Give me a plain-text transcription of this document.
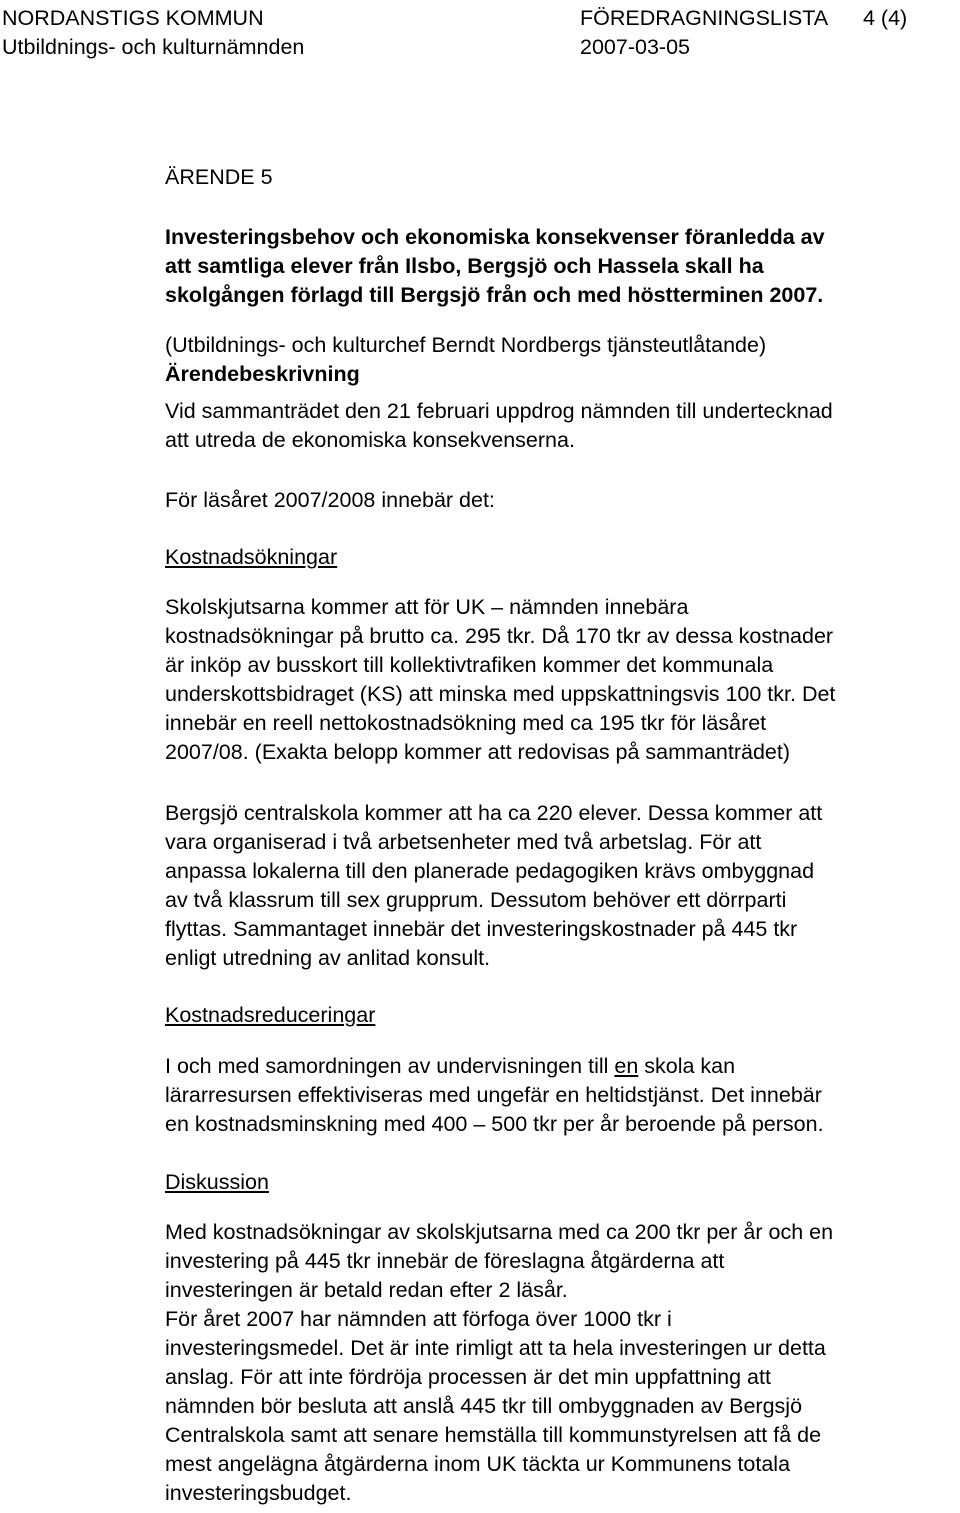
NORDANSTIGS KOMMUN	FÖREDRAGNINGSLISTA 4 (4)
Utbildnings- och kulturnämnden	2007-03-05
ÄRENDE 5
Investeringsbehov och ekonomiska konsekvenser föranledda av
att samtliga elever från Ilsbo, Bergsjö och Hassela skall ha
skolgången förlagd till Bergsjö från och med höstterminen 2007.
(Utbildnings- och kulturchef Berndt Nordbergs tjänsteutlåtande)
Ärendebeskrivning
Vid sammanträdet den 21 februari uppdrog nämnden till undertecknad
att utreda de ekonomiska konsekvenserna.
För läsåret 2007/2008 innebär det:
Kostnadsökningar
Skolskjutsarna kommer att för UK – nämnden innebära
kostnadsökningar på brutto ca. 295 tkr. Då 170 tkr av dessa kostnader
är inköp av busskort till kollektivtrafiken kommer det kommunala
underskottsbidraget (KS) att minska med uppskattningsvis 100 tkr. Det
innebär en reell nettokostnadsökning med ca 195 tkr för läsåret
2007/08. (Exakta belopp kommer att redovisas på sammanträdet)
Bergsjö centralskola kommer att ha ca 220 elever. Dessa kommer att
vara organiserad i två arbetsenheter med två arbetslag. För att
anpassa lokalerna till den planerade pedagogiken krävs ombyggnad
av två klassrum till sex grupprum. Dessutom behöver ett dörrparti
flyttas. Sammantaget innebär det investeringskostnader på 445 tkr
enligt utredning av anlitad konsult.
Kostnadsreduceringar
I och med samordningen av undervisningen till en skola kan
lärarresursen effektiviseras med ungefär en heltidstjänst. Det innebär
en kostnadsminskning med 400 – 500 tkr per år beroende på person.
Diskussion
Med kostnadsökningar av skolskjutsarna med ca 200 tkr per år och en
investering på 445 tkr innebär de föreslagna åtgärderna att
investeringen är betald redan efter 2 läsår.
För året 2007 har nämnden att förfoga över 1000 tkr i
investeringsmedel. Det är inte rimligt att ta hela investeringen ur detta
anslag. För att inte fördröja processen är det min uppfattning att
nämnden bör besluta att anslå 445 tkr till ombyggnaden av Bergsjö
Centralskola samt att senare hemställa till kommunstyrelsen att få de
mest angelägna åtgärderna inom UK täckta ur Kommunens totala
investeringsbudget.
